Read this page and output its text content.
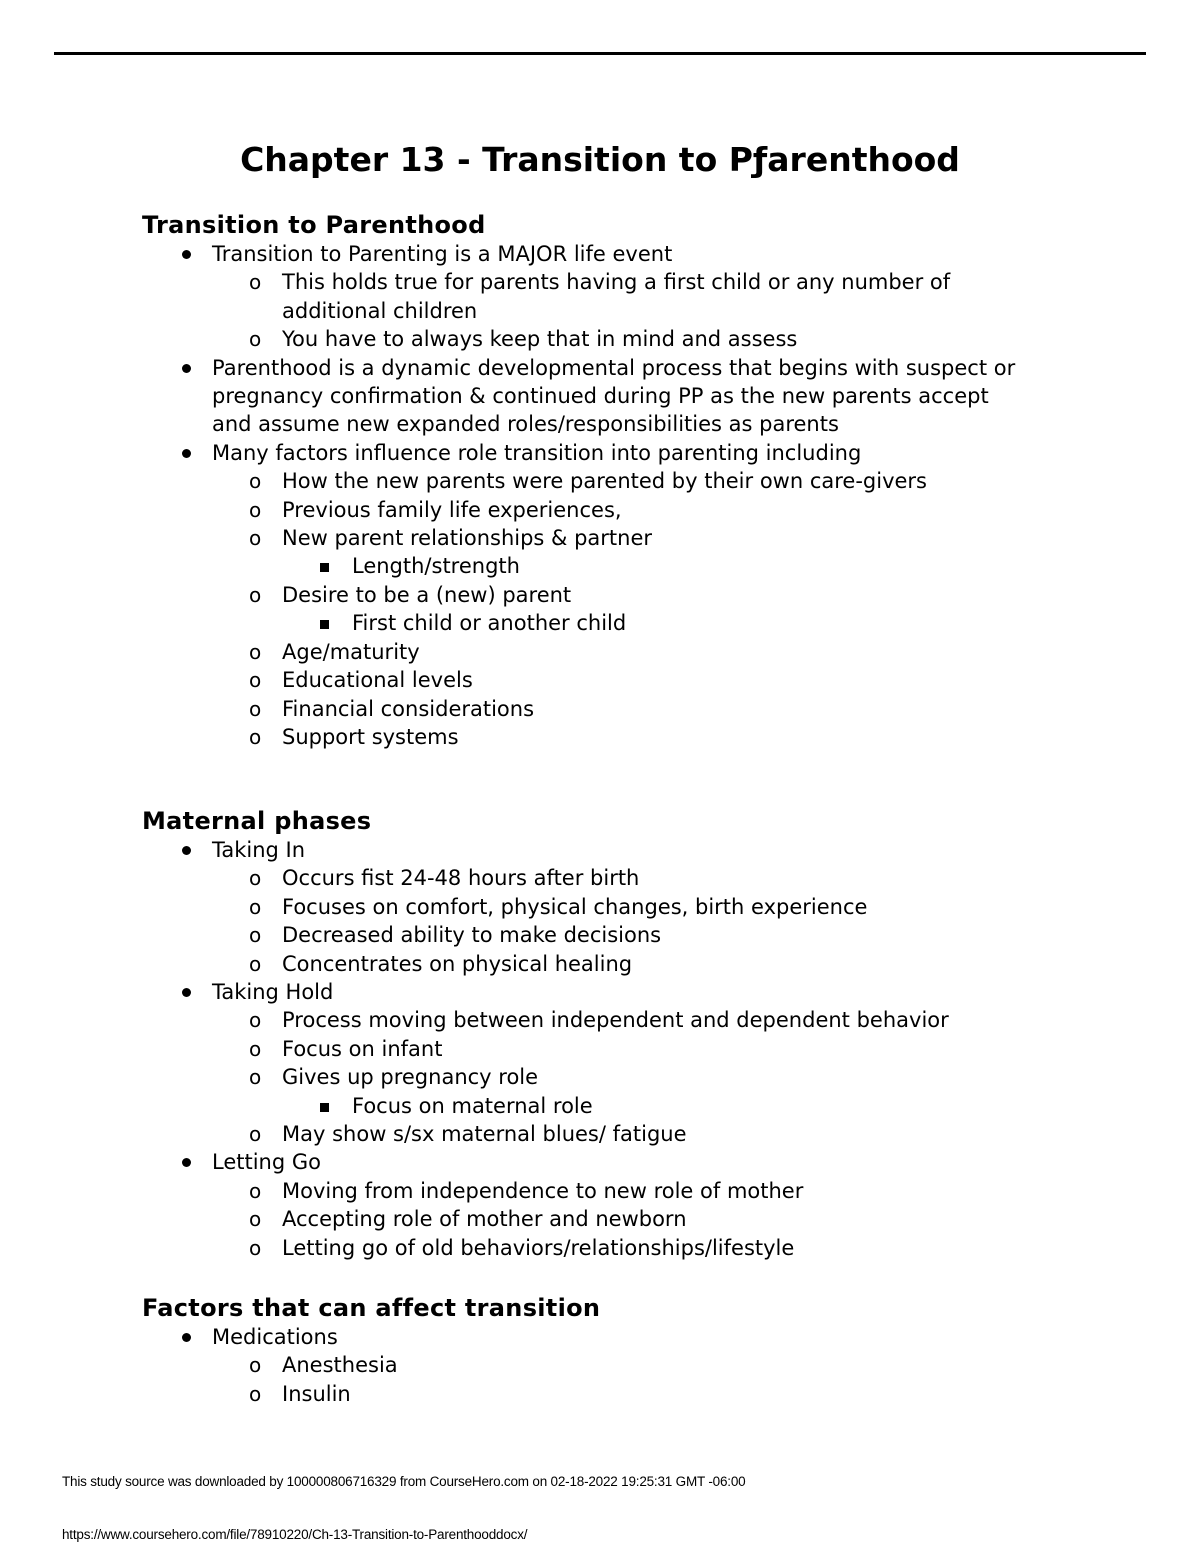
Chapter 13 - Transition to Pƒarenthood
Transition to Parenthood
Transition to Parenting is a MAJOR life event
o This holds true for parents having a first child or any number of additional children
o You have to always keep that in mind and assess
Parenthood is a dynamic developmental process that begins with suspect or pregnancy confirmation & continued during PP as the new parents accept and assume new expanded roles/responsibilities as parents
Many factors influence role transition into parenting including
o How the new parents were parented by their own care-givers
o Previous family life experiences,
o New parent relationships & partner
Length/strength
o Desire to be a (new) parent
First child or another child
o Age/maturity
o Educational levels
o Financial considerations
o Support systems
Maternal phases
Taking In
o Occurs fist 24-48 hours after birth
o Focuses on comfort, physical changes, birth experience
o Decreased ability to make decisions
o Concentrates on physical healing
Taking Hold
o Process moving between independent and dependent behavior
o Focus on infant
o Gives up pregnancy role
Focus on maternal role
o May show s/sx maternal blues/ fatigue
Letting Go
o Moving from independence to new role of mother
o Accepting role of mother and newborn
o Letting go of old behaviors/relationships/lifestyle
Factors that can affect transition
Medications
o Anesthesia
o Insulin
This study source was downloaded by 100000806716329 from CourseHero.com on 02-18-2022 19:25:31 GMT -06:00
https://www.coursehero.com/file/78910220/Ch-13-Transition-to-Parenthooddocx/
